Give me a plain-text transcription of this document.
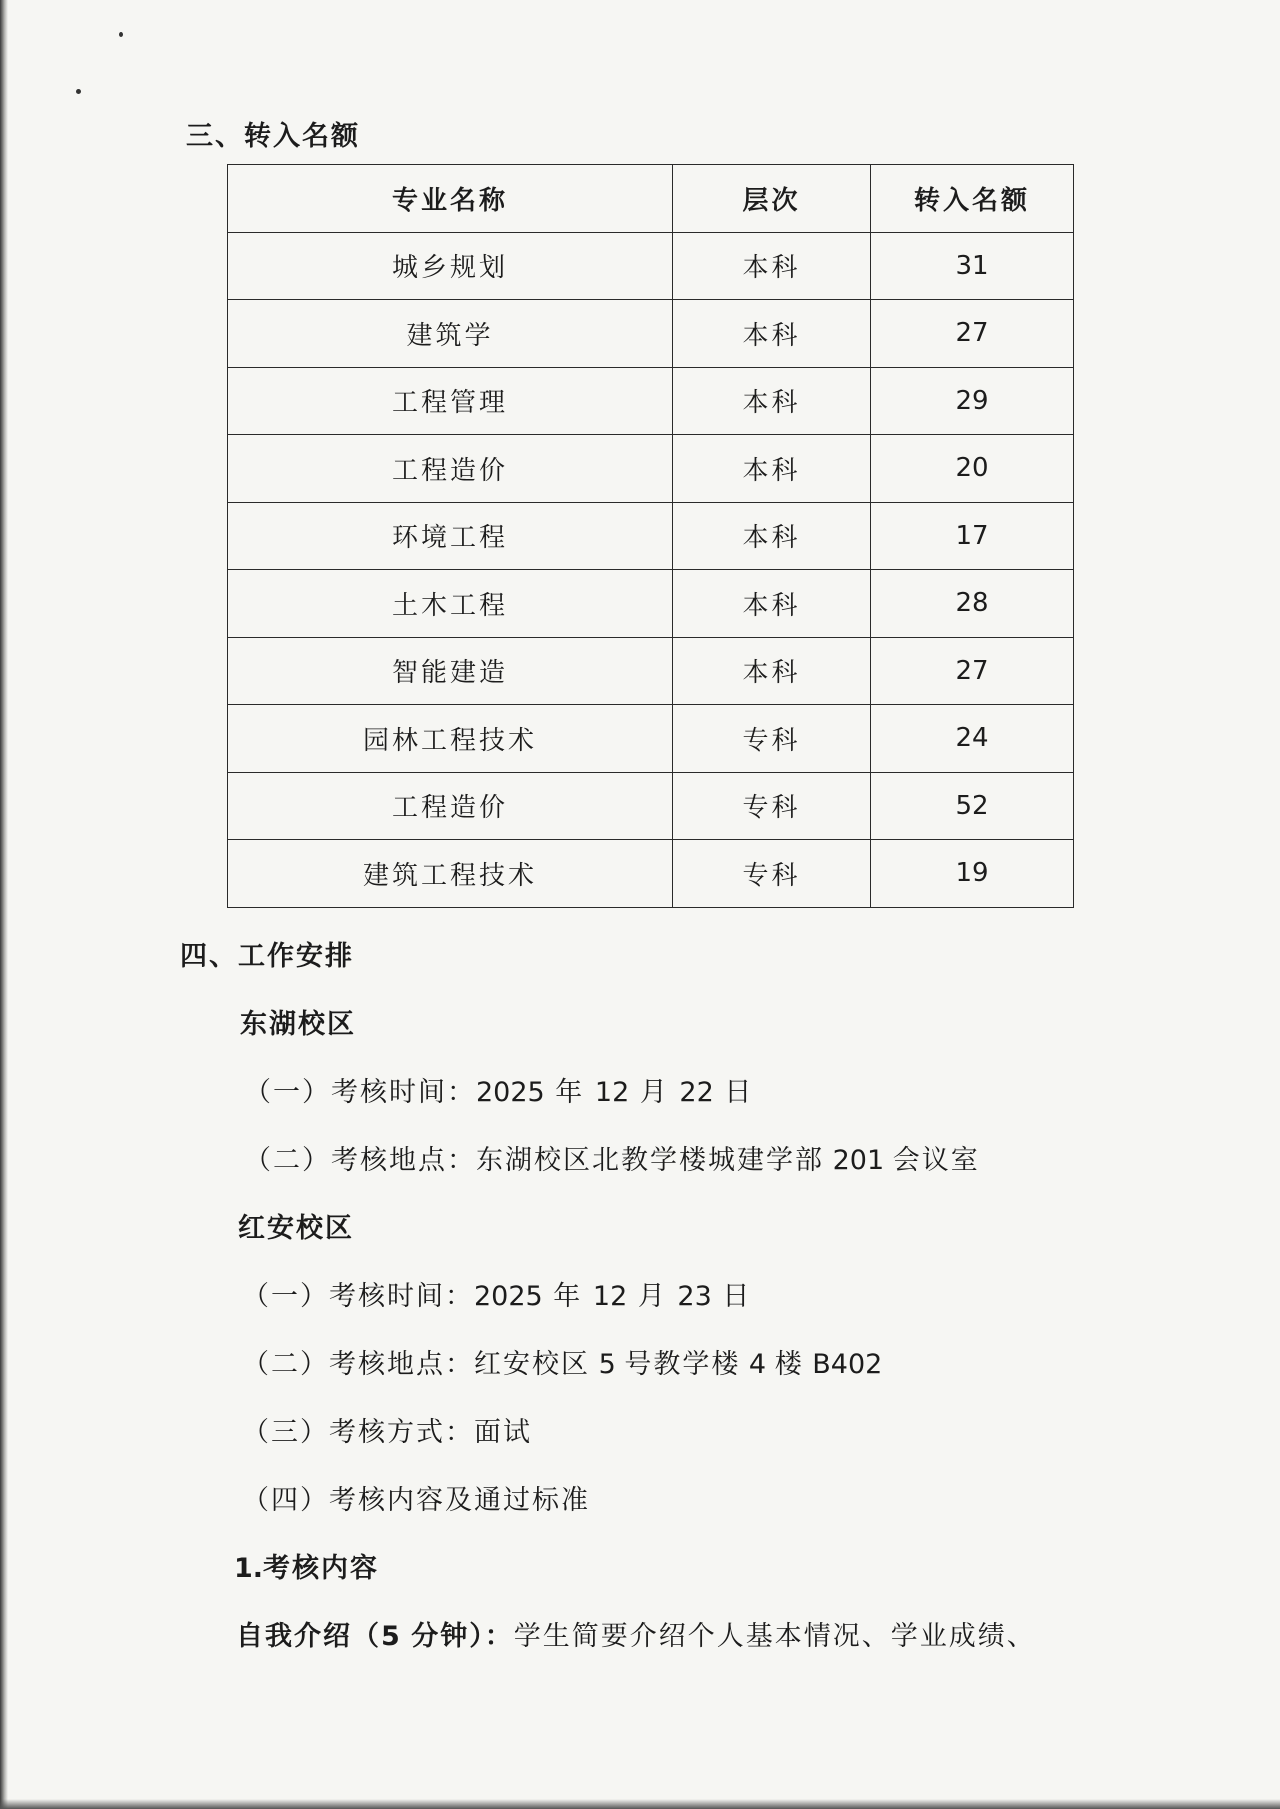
三、转入名额
专业名称	层次	转入名额
城乡规划	本科	31
建筑学	本科	27
工程管理	本科	29
工程造价	本科	20
环境工程	本科	17
土木工程	本科	28
智能建造	本科	27
园林工程技术	专科	24
工程造价	专科	52
建筑工程技术	专科	19
四、工作安排
东湖校区
（一）考核时间：2025 年 12 月 22 日
（二）考核地点：东湖校区北教学楼城建学部 201 会议室
红安校区
（一）考核时间：2025 年 12 月 23 日
（二）考核地点：红安校区 5 号教学楼 4 楼 B402
（三）考核方式：面试
（四）考核内容及通过标准
1.考核内容
自我介绍（5 分钟）：学生简要介绍个人基本情况、学业成绩、
